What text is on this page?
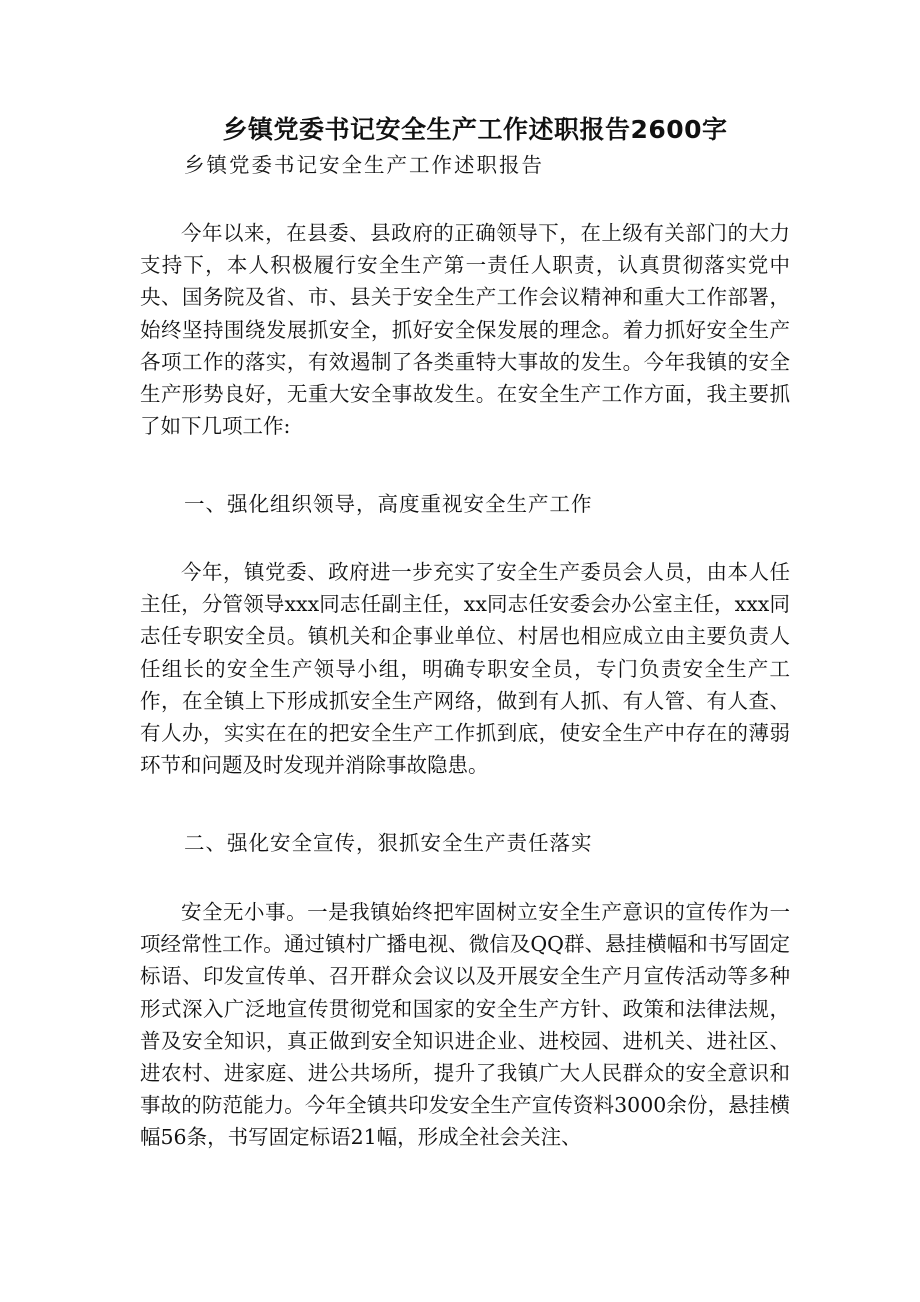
乡镇党委书记安全生产工作述职报告2600字

乡镇党委书记安全生产工作述职报告

今年以来，在县委、县政府的正确领导下，在上级有关部门的大力支持下，本人积极履行安全生产第一责任人职责，认真贯彻落实党中央、国务院及省、市、县关于安全生产工作会议精神和重大工作部署，始终坚持围绕发展抓安全，抓好安全保发展的理念。着力抓好安全生产各项工作的落实，有效遏制了各类重特大事故的发生。今年我镇的安全生产形势良好，无重大安全事故发生。在安全生产工作方面，我主要抓了如下几项工作:

一、强化组织领导，高度重视安全生产工作

今年，镇党委、政府进一步充实了安全生产委员会人员，由本人任主任，分管领导xxx同志任副主任，xx同志任安委会办公室主任，xxx同志任专职安全员。镇机关和企事业单位、村居也相应成立由主要负责人任组长的安全生产领导小组，明确专职安全员，专门负责安全生产工作，在全镇上下形成抓安全生产网络，做到有人抓、有人管、有人查、有人办，实实在在的把安全生产工作抓到底，使安全生产中存在的薄弱环节和问题及时发现并消除事故隐患。

二、强化安全宣传，狠抓安全生产责任落实

安全无小事。一是我镇始终把牢固树立安全生产意识的宣传作为一项经常性工作。通过镇村广播电视、微信及QQ群、悬挂横幅和书写固定标语、印发宣传单、召开群众会议以及开展安全生产月宣传活动等多种形式深入广泛地宣传贯彻党和国家的安全生产方针、政策和法律法规，普及安全知识，真正做到安全知识进企业、进校园、进机关、进社区、进农村、进家庭、进公共场所，提升了我镇广大人民群众的安全意识和事故的防范能力。今年全镇共印发安全生产宣传资料3000余份，悬挂横幅56条，书写固定标语21幅，形成全社会关注、
